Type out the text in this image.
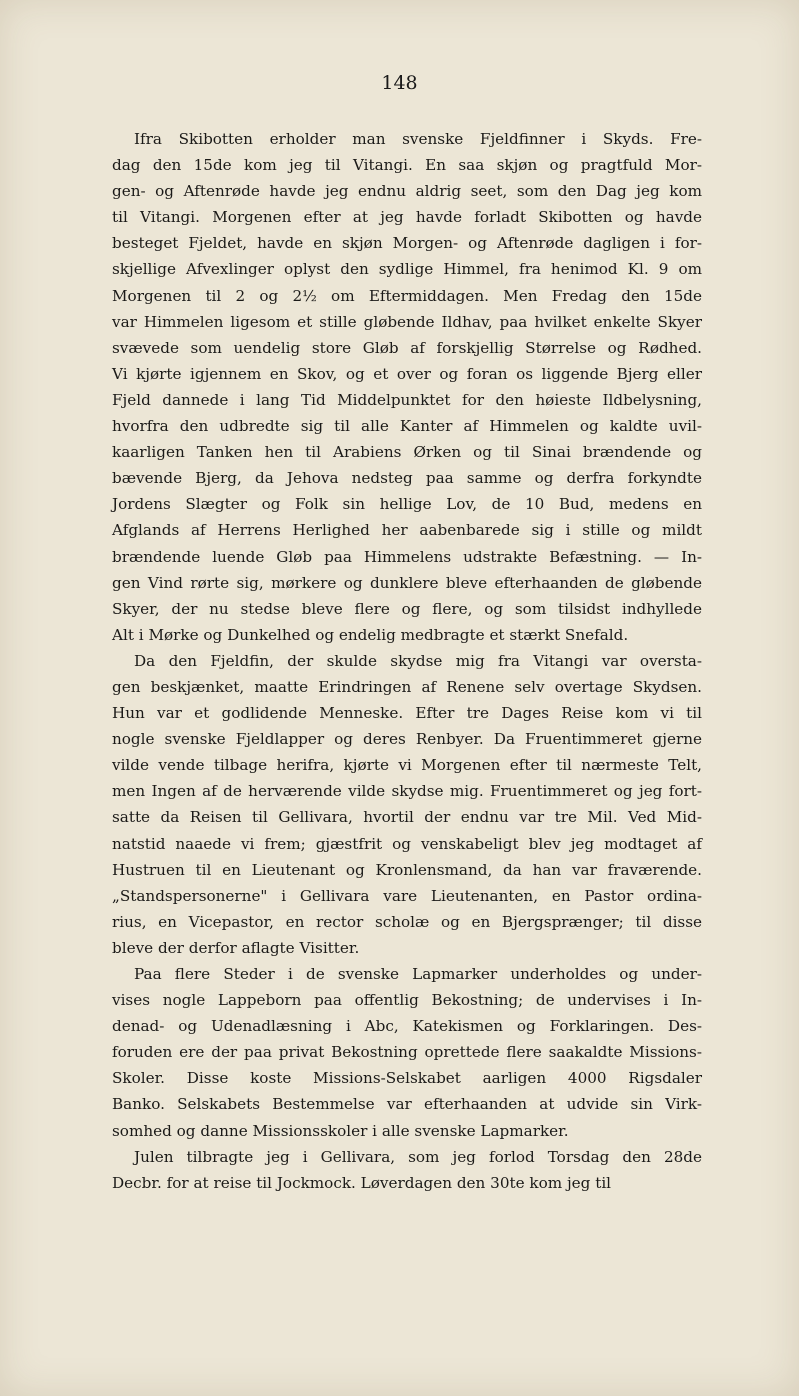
148
Ifra Skibotten erholder man svenske Fjeldfinner i Skyds. Fre-
dag den 15de kom jeg til Vitangi. En saa skjøn og pragtfuld Mor-
gen- og Aftenrøde havde jeg endnu aldrig seet, som den Dag jeg kom
til Vitangi. Morgenen efter at jeg havde forladt Skibotten og havde
besteget Fjeldet, havde en skjøn Morgen- og Aftenrøde dagligen i for-
skjellige Afvexlinger oplyst den sydlige Himmel, fra henimod Kl. 9 om
Morgenen til 2 og 2½ om Eftermiddagen. Men Fredag den 15de
var Himmelen ligesom et stille gløbende Ildhav, paa hvilket enkelte Skyer
svævede som uendelig store Gløb af forskjellig Størrelse og Rødhed.
Vi kjørte igjennem en Skov, og et over og foran os liggende Bjerg eller
Fjeld dannede i lang Tid Middelpunktet for den høieste Ildbelysning,
hvorfra den udbredte sig til alle Kanter af Himmelen og kaldte uvil-
kaarligen Tanken hen til Arabiens Ørken og til Sinai brændende og
bævende Bjerg, da Jehova nedsteg paa samme og derfra forkyndte
Jordens Slægter og Folk sin hellige Lov, de 10 Bud, medens en
Afglands af Herrens Herlighed her aabenbarede sig i stille og mildt
brændende luende Gløb paa Himmelens udstrakte Befæstning. — In-
gen Vind rørte sig, mørkere og dunklere bleve efterhaanden de gløbende
Skyer, der nu stedse bleve flere og flere, og som tilsidst indhyllede
Alt i Mørke og Dunkelhed og endelig medbragte et stærkt Snefald.
Da den Fjeldfin, der skulde skydse mig fra Vitangi var oversta-
gen beskjænket, maatte Erindringen af Renene selv overtage Skydsen.
Hun var et godlidende Menneske. Efter tre Dages Reise kom vi til
nogle svenske Fjeldlapper og deres Renbyer. Da Fruentimmeret gjerne
vilde vende tilbage herifra, kjørte vi Morgenen efter til nærmeste Telt,
men Ingen af de herværende vilde skydse mig. Fruentimmeret og jeg fort-
satte da Reisen til Gellivara, hvortil der endnu var tre Mil. Ved Mid-
natstid naaede vi frem; gjæstfrit og venskabeligt blev jeg modtaget af
Hustruen til en Lieutenant og Kronlensmand, da han var fraværende.
„Standspersonerne" i Gellivara vare Lieutenanten, en Pastor ordina-
rius, en Vicepastor, en rector scholæ og en Bjergsprænger; til disse
bleve der derfor aflagte Visitter.
Paa flere Steder i de svenske Lapmarker underholdes og under-
vises nogle Lappeborn paa offentlig Bekostning; de undervises i In-
denad- og Udenadlæsning i Abc, Katekismen og Forklaringen. Des-
foruden ere der paa privat Bekostning oprettede flere saakaldte Missions-
Skoler. Disse koste Missions-Selskabet aarligen 4000 Rigsdaler
Banko. Selskabets Bestemmelse var efterhaanden at udvide sin Virk-
somhed og danne Missionsskoler i alle svenske Lapmarker.
Julen tilbragte jeg i Gellivara, som jeg forlod Torsdag den 28de
Decbr. for at reise til Jockmock. Løverdagen den 30te kom jeg til
